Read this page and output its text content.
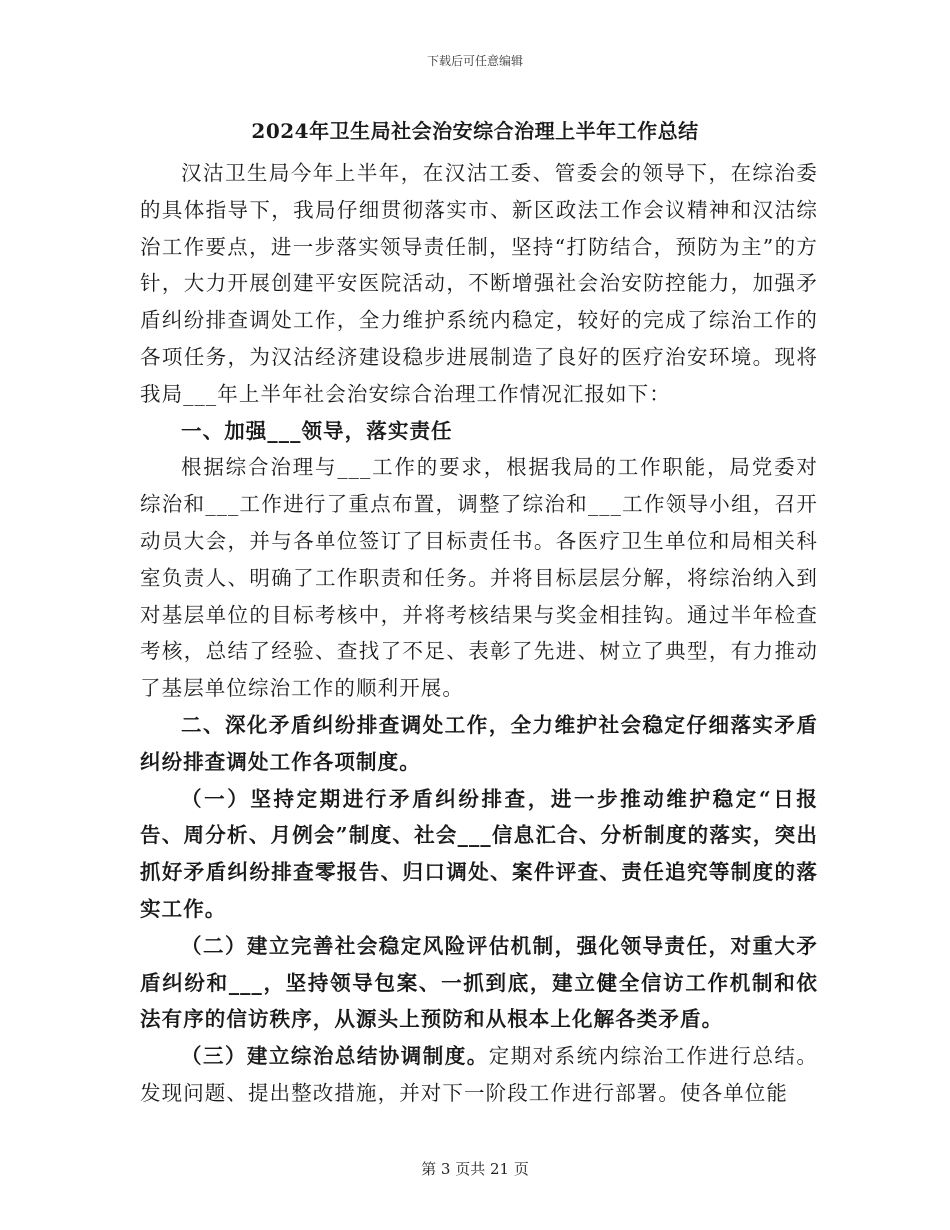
下载后可任意编辑
2024年卫生局社会治安综合治理上半年工作总结

汉沽卫生局今年上半年，在汉沽工委、管委会的领导下，在综治委的具体指导下，我局仔细贯彻落实市、新区政法工作会议精神和汉沽综治工作要点，进一步落实领导责任制，坚持“打防结合，预防为主”的方针，大力开展创建平安医院活动，不断增强社会治安防控能力，加强矛盾纠纷排查调处工作，全力维护系统内稳定，较好的完成了综治工作的各项任务，为汉沽经济建设稳步进展制造了良好的医疗治安环境。现将我局___年上半年社会治安综合治理工作情况汇报如下：

一、加强___领导，落实责任

根据综合治理与___工作的要求，根据我局的工作职能，局党委对综治和___工作进行了重点布置，调整了综治和___工作领导小组，召开动员大会，并与各单位签订了目标责任书。各医疗卫生单位和局相关科室负责人、明确了工作职责和任务。并将目标层层分解，将综治纳入到对基层单位的目标考核中，并将考核结果与奖金相挂钩。通过半年检查考核，总结了经验、查找了不足、表彰了先进、树立了典型，有力推动了基层单位综治工作的顺利开展。

二、深化矛盾纠纷排查调处工作，全力维护社会稳定仔细落实矛盾纠纷排查调处工作各项制度。

（一）坚持定期进行矛盾纠纷排查，进一步推动维护稳定“日报告、周分析、月例会”制度、社会___信息汇合、分析制度的落实，突出抓好矛盾纠纷排查零报告、归口调处、案件评查、责任追究等制度的落实工作。

（二）建立完善社会稳定风险评估机制，强化领导责任，对重大矛盾纠纷和___，坚持领导包案、一抓到底，建立健全信访工作机制和依法有序的信访秩序，从源头上预防和从根本上化解各类矛盾。

（三）建立综治总结协调制度。定期对系统内综治工作进行总结。发现问题、提出整改措施，并对下一阶段工作进行部署。使各单位能

第 3 页共 21 页
